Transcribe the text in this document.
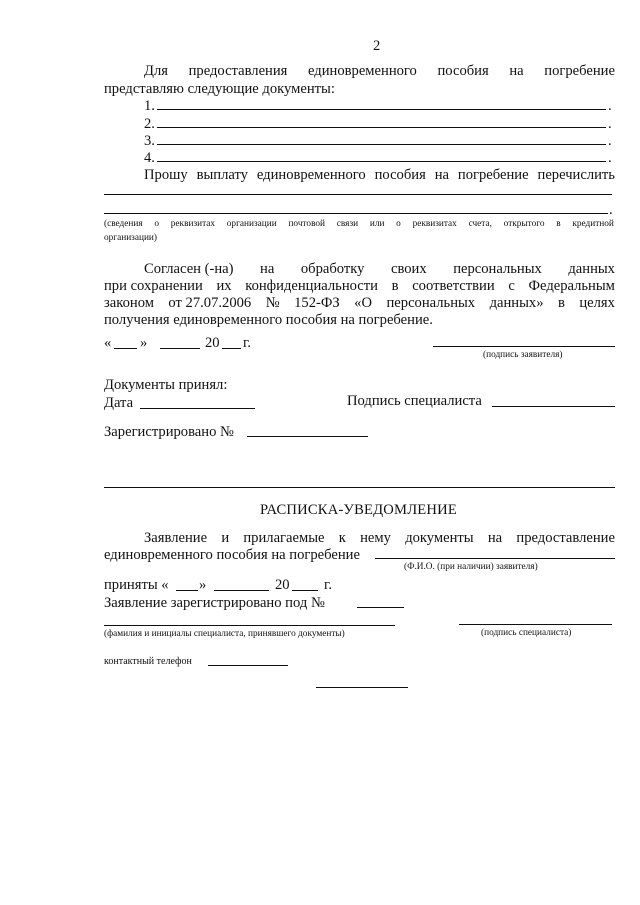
2
Для предоставления единовременного пособия на погребение
представляю следующие документы:
1.	.
2.	.
3.	.
4.	.
Прошу выплату единовременного пособия на погребение перечислить
.
(сведения о реквизитах организации почтовой связи или о реквизитах счета, открытого в кредитной
организации)
Согласен (-на) на обработку своих персональных данных
при сохранении их конфиденциальности в соответствии с Федеральным
законом от 27.07.2006 № 152-ФЗ «О персональных данных» в целях
получения единовременного пособия на погребение.
« »	20 г.
(подпись заявителя)
Документы принял:
Дата	Подпись специалиста
Зарегистрировано №
РАСПИСКА-УВЕДОМЛЕНИЕ
Заявление и прилагаемые к нему документы на предоставление
единовременного пособия на погребение
(Ф.И.О. (при наличии) заявителя)
приняты « »	20 г.
Заявление зарегистрировано под №
(фамилия и инициалы специалиста, принявшего документы)	(подпись специалиста)
контактный телефон
